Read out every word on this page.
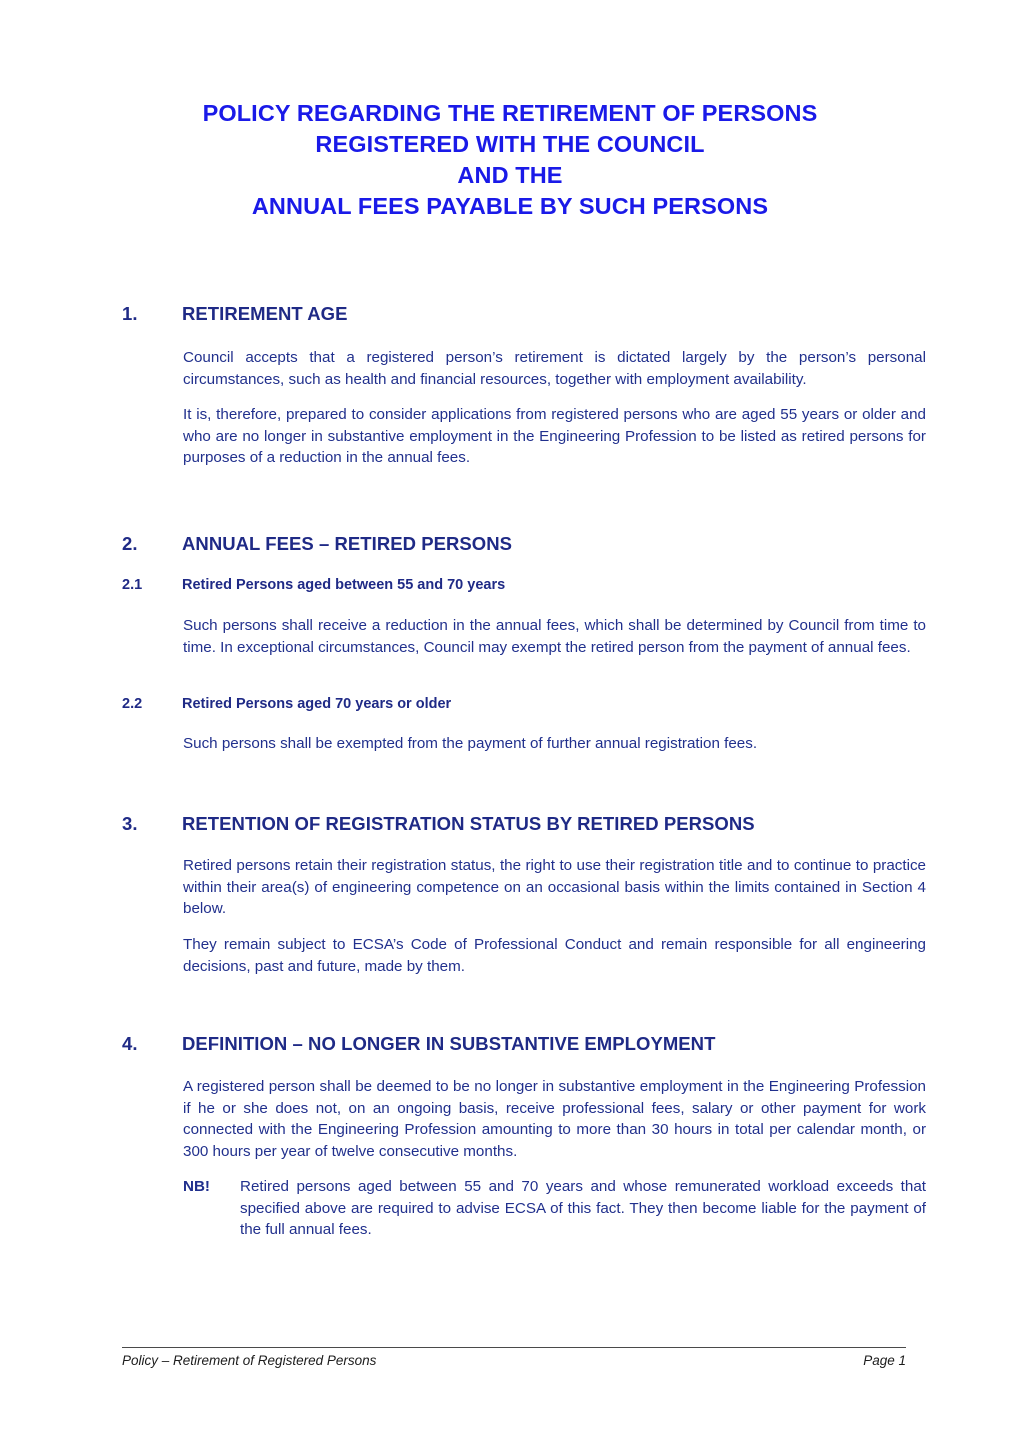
POLICY REGARDING THE RETIREMENT OF PERSONS
REGISTERED WITH THE COUNCIL
AND THE
ANNUAL FEES PAYABLE BY SUCH PERSONS
1.	RETIREMENT AGE

Council accepts that a registered person’s retirement is dictated largely by the person’s personal circumstances, such as health and financial resources, together with employment availability.

It is, therefore, prepared to consider applications from registered persons who are aged 55 years or older and who are no longer in substantive employment in the Engineering Profession to be listed as retired persons for purposes of a reduction in the annual fees.

2.	ANNUAL FEES – RETIRED PERSONS
2.1	Retired Persons aged between 55 and 70 years

Such persons shall receive a reduction in the annual fees, which shall be determined by Council from time to time. In exceptional circumstances, Council may exempt the retired person from the payment of annual fees.

2.2	Retired Persons aged 70 years or older

Such persons shall be exempted from the payment of further annual registration fees.

3.	RETENTION OF REGISTRATION STATUS BY RETIRED PERSONS

Retired persons retain their registration status, the right to use their registration title and to continue to practice within their area(s) of engineering competence on an occasional basis within the limits contained in Section 4 below.

They remain subject to ECSA’s Code of Professional Conduct and remain responsible for all engineering decisions, past and future, made by them.

4.	DEFINITION – NO LONGER IN SUBSTANTIVE EMPLOYMENT

A registered person shall be deemed to be no longer in substantive employment in the Engineering Profession if he or she does not, on an ongoing basis, receive professional fees, salary or other payment for work connected with the Engineering Profession amounting to more than 30 hours in total per calendar month, or 300 hours per year of twelve consecutive months.

NB!	Retired persons aged between 55 and 70 years and whose remunerated workload exceeds that specified above are required to advise ECSA of this fact. They then become liable for the payment of the full annual fees.
Policy – Retirement of Registered Persons	Page 1
